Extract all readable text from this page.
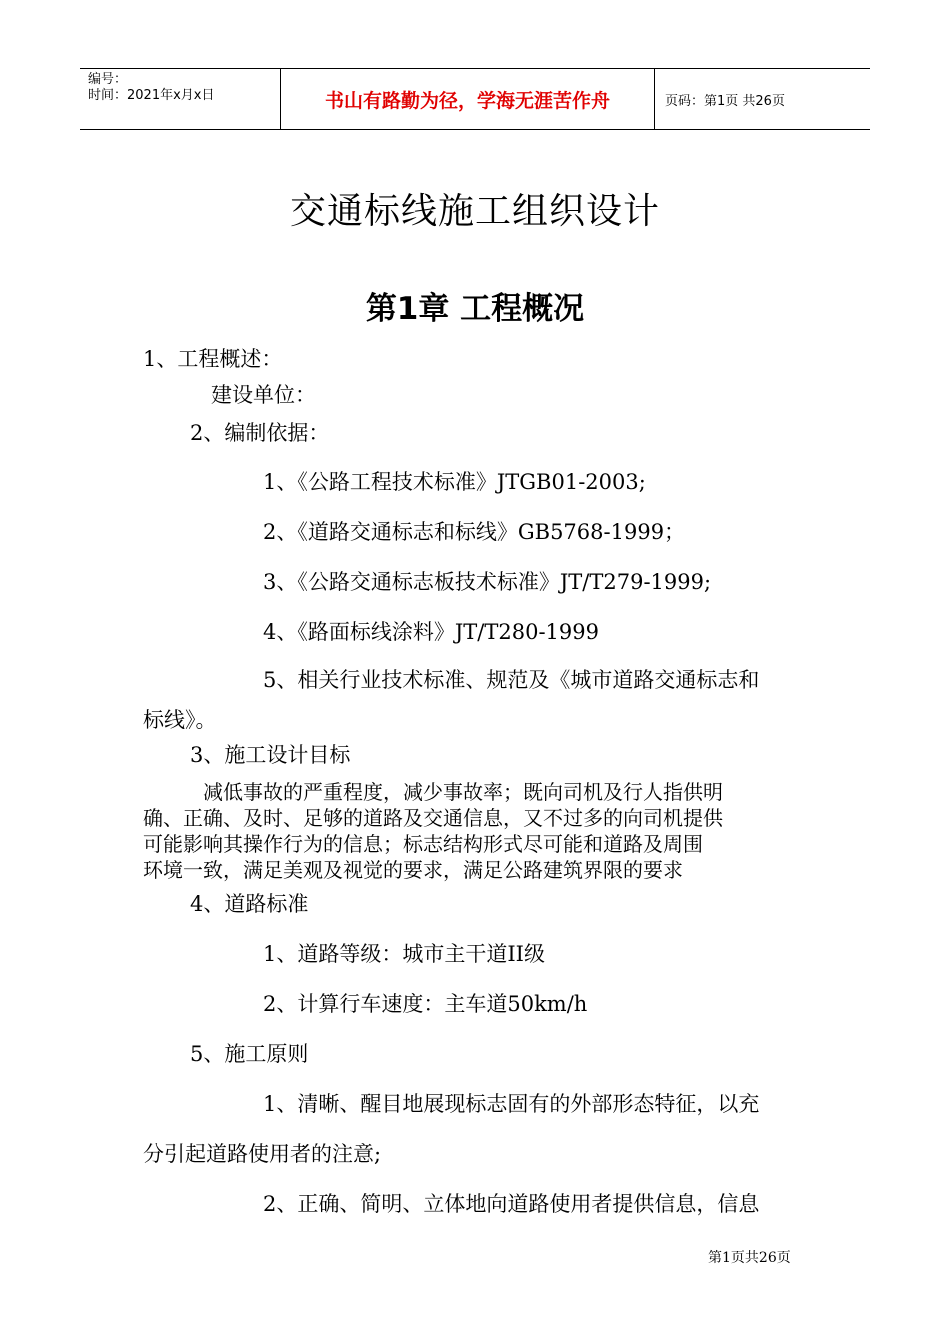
编号：
时间：2021年x月x日	书山有路勤为径，学海无涯苦作舟	页码：第1页 共26页
交通标线施工组织设计
第1章 工程概况
1、工程概述：
建设单位：
2、编制依据：
1、《公路工程技术标准》JTGB01-2003;
2、《道路交通标志和标线》GB5768-1999；
3、《公路交通标志板技术标准》JT/T279-1999;
4、《路面标线涂料》JT/T280-1999
5、相关行业技术标准、规范及《城市道路交通标志和
标线》。
3、施工设计目标
减低事故的严重程度，减少事故率；既向司机及行人指供明
确、正确、及时、足够的道路及交通信息，又不过多的向司机提供
可能影响其操作行为的信息；标志结构形式尽可能和道路及周围
环境一致，满足美观及视觉的要求，满足公路建筑界限的要求
4、道路标准
1、道路等级：城市主干道II级
2、计算行车速度：主车道50km/h
5、施工原则
1、清晰、醒目地展现标志固有的外部形态特征，以充
分引起道路使用者的注意;
2、正确、简明、立体地向道路使用者提供信息，信息
第1页共26页
